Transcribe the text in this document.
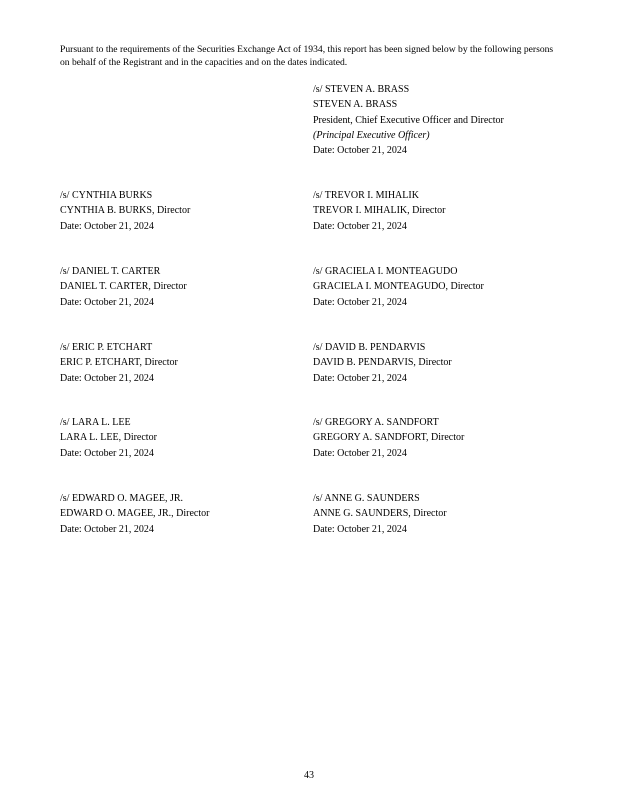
Pursuant to the requirements of the Securities Exchange Act of 1934, this report has been signed below by the following persons on behalf of the Registrant and in the capacities and on the dates indicated.
/s/ STEVEN A. BRASS
STEVEN A. BRASS
President, Chief Executive Officer and Director
(Principal Executive Officer)
Date: October 21, 2024
/s/ CYNTHIA BURKS
CYNTHIA B. BURKS, Director
Date: October 21, 2024
/s/ DANIEL T. CARTER
DANIEL T. CARTER, Director
Date: October 21, 2024
/s/ ERIC P. ETCHART
ERIC P. ETCHART, Director
Date: October 21, 2024
/s/ LARA L. LEE
LARA L. LEE, Director
Date: October 21, 2024
/s/ EDWARD O. MAGEE, JR.
EDWARD O. MAGEE, JR., Director
Date: October 21, 2024
/s/ TREVOR I. MIHALIK
TREVOR I. MIHALIK, Director
Date: October 21, 2024
/s/ GRACIELA I. MONTEAGUDO
GRACIELA I. MONTEAGUDO, Director
Date: October 21, 2024
/s/ DAVID B. PENDARVIS
DAVID B. PENDARVIS, Director
Date: October 21, 2024
/s/ GREGORY A. SANDFORT
GREGORY A. SANDFORT, Director
Date: October 21, 2024
/s/ ANNE G. SAUNDERS
ANNE G. SAUNDERS, Director
Date: October 21, 2024
43
